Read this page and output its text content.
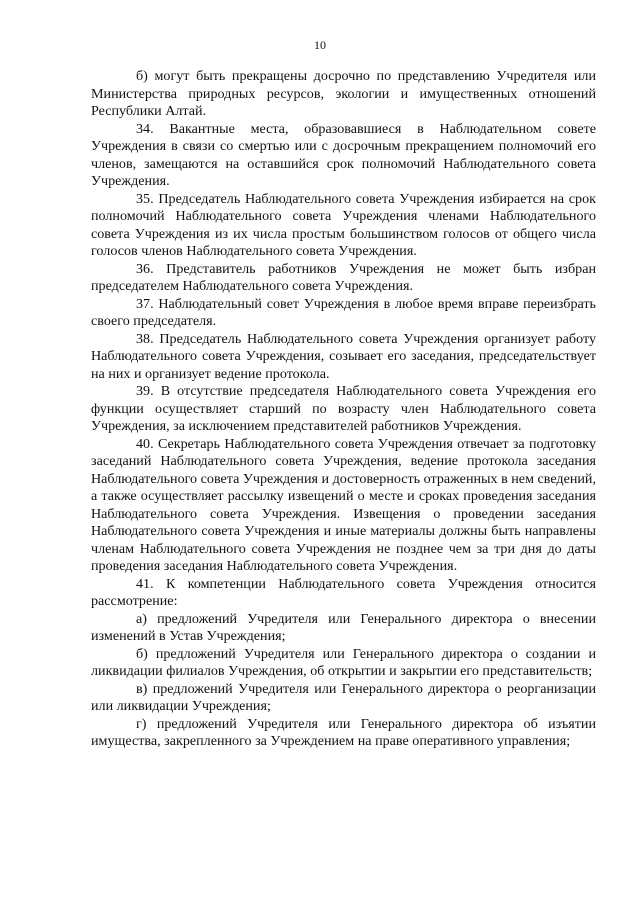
10

б) могут быть прекращены досрочно по представлению Учредителя или Министерства природных ресурсов, экологии и имущественных отношений Республики Алтай.

34. Вакантные места, образовавшиеся в Наблюдательном совете Учреждения в связи со смертью или с досрочным прекращением полномочий его членов, замещаются на оставшийся срок полномочий Наблюдательного совета Учреждения.

35. Председатель Наблюдательного совета Учреждения избирается на срок полномочий Наблюдательного совета Учреждения членами Наблюдательного совета Учреждения из их числа простым большинством голосов от общего числа голосов членов Наблюдательного совета Учреждения.

36. Представитель работников Учреждения не может быть избран председателем Наблюдательного совета Учреждения.

37. Наблюдательный совет Учреждения в любое время вправе переизбрать своего председателя.

38. Председатель Наблюдательного совета Учреждения организует работу Наблюдательного совета Учреждения, созывает его заседания, председательствует на них и организует ведение протокола.

39. В отсутствие председателя Наблюдательного совета Учреждения его функции осуществляет старший по возрасту член Наблюдательного совета Учреждения, за исключением представителей работников Учреждения.

40. Секретарь Наблюдательного совета Учреждения отвечает за подготовку заседаний Наблюдательного совета Учреждения, ведение протокола заседания Наблюдательного совета Учреждения и достоверность отраженных в нем сведений, а также осуществляет рассылку извещений о месте и сроках проведения заседания Наблюдательного совета Учреждения. Извещения о проведении заседания Наблюдательного совета Учреждения и иные материалы должны быть направлены членам Наблюдательного совета Учреждения не позднее чем за три дня до даты проведения заседания Наблюдательного совета Учреждения.

41. К компетенции Наблюдательного совета Учреждения относится рассмотрение:

а) предложений Учредителя или Генерального директора о внесении изменений в Устав Учреждения;

б) предложений Учредителя или Генерального директора о создании и ликвидации филиалов Учреждения, об открытии и закрытии его представительств;

в) предложений Учредителя или Генерального директора о реорганизации или ликвидации Учреждения;

г) предложений Учредителя или Генерального директора об изъятии имущества, закрепленного за Учреждением на праве оперативного управления;
